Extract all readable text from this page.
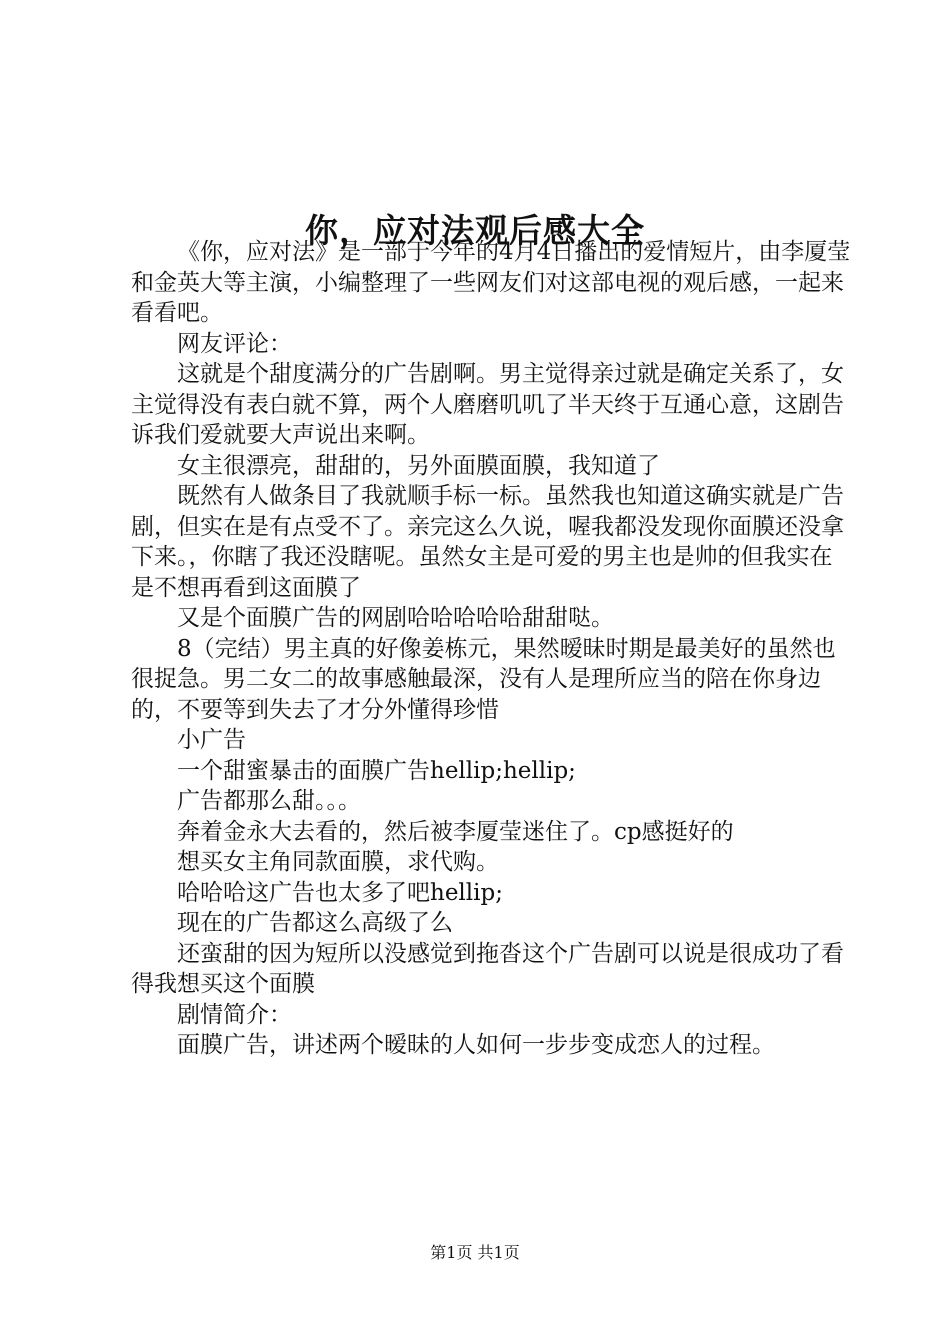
你，应对法观后感大全

《你，应对法》是一部于今年的4月4日播出的爱情短片，由李厦莹和金英大等主演，小编整理了一些网友们对这部电视的观后感，一起来看看吧。

网友评论：

这就是个甜度满分的广告剧啊。男主觉得亲过就是确定关系了，女主觉得没有表白就不算，两个人磨磨叽叽了半天终于互通心意，这剧告诉我们爱就要大声说出来啊。

女主很漂亮，甜甜的，另外面膜面膜，我知道了

既然有人做条目了我就顺手标一标。虽然我也知道这确实就是广告剧，但实在是有点受不了。亲完这么久说，喔我都没发现你面膜还没拿下来。，你瞎了我还没瞎呢。虽然女主是可爱的男主也是帅的但我实在是不想再看到这面膜了

又是个面膜广告的网剧哈哈哈哈哈甜甜哒。

8（完结）男主真的好像姜栋元，果然暧昧时期是最美好的虽然也很捉急。男二女二的故事感触最深，没有人是理所应当的陪在你身边的，不要等到失去了才分外懂得珍惜

小广告

一个甜蜜暴击的面膜广告hellip;hellip;

广告都那么甜。。。

奔着金永大去看的，然后被李厦莹迷住了。cp感挺好的

想买女主角同款面膜，求代购。

哈哈哈这广告也太多了吧hellip;

现在的广告都这么高级了么

还蛮甜的因为短所以没感觉到拖沓这个广告剧可以说是很成功了看得我想买这个面膜

剧情简介：

面膜广告，讲述两个暧昧的人如何一步步变成恋人的过程。

第1页 共1页
